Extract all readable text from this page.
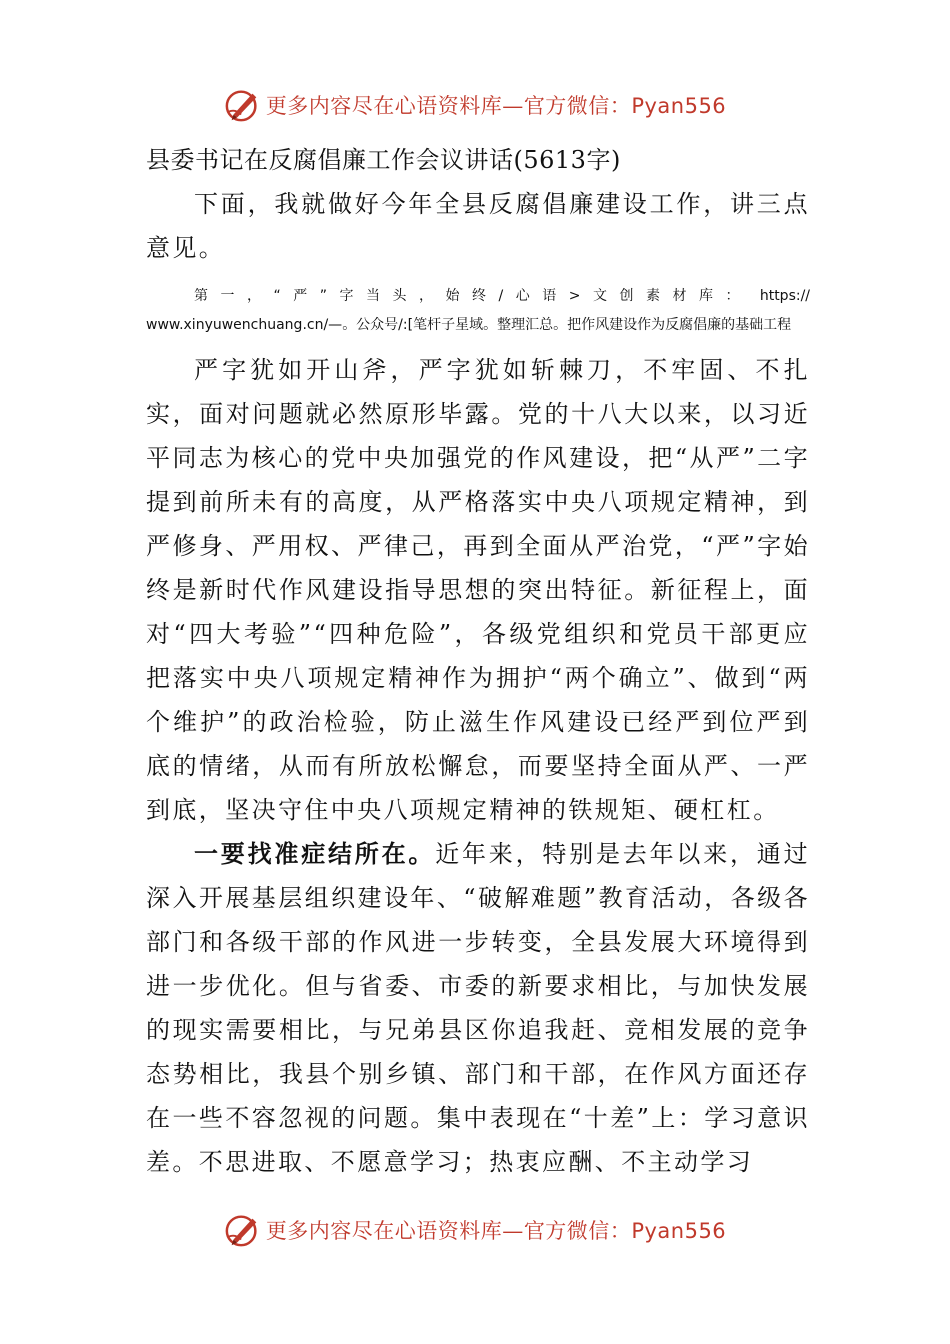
更多内容尽在心语资料库—官方微信：Pyan556

县委书记在反腐倡廉工作会议讲话(5613字)

下面，我就做好今年全县反腐倡廉建设工作，讲三点意见。

第一，“严”字当头，始终/心语>文创素材库： https:// www.xinyuwenchuang.cn/—。公众号/:[笔杆子星域。整理汇总。把作风建设作为反腐倡廉的基础工程

严字犹如开山斧，严字犹如斩棘刀，不牢固、不扎实，面对问题就必然原形毕露。党的十八大以来，以习近平同志为核心的党中央加强党的作风建设，把“从严”二字提到前所未有的高度，从严格落实中央八项规定精神，到严修身、严用权、严律己，再到全面从严治党，“严”字始终是新时代作风建设指导思想的突出特征。新征程上，面对“四大考验”“四种危险”，各级党组织和党员干部更应把落实中央八项规定精神作为拥护“两个确立”、做到“两个维护”的政治检验，防止滋生作风建设已经严到位严到底的情绪，从而有所放松懈怠，而要坚持全面从严、一严到底，坚决守住中央八项规定精神的铁规矩、硬杠杠。

一要找准症结所在。近年来，特别是去年以来，通过深入开展基层组织建设年、“破解难题”教育活动，各级各部门和各级干部的作风进一步转变，全县发展大环境得到进一步优化。但与省委、市委的新要求相比，与加快发展的现实需要相比，与兄弟县区你追我赶、竞相发展的竞争态势相比，我县个别乡镇、部门和干部，在作风方面还存在一些不容忽视的问题。集中表现在“十差”上：学习意识差。不思进取、不愿意学习；热衷应酬、不主动学习

更多内容尽在心语资料库—官方微信：Pyan556
